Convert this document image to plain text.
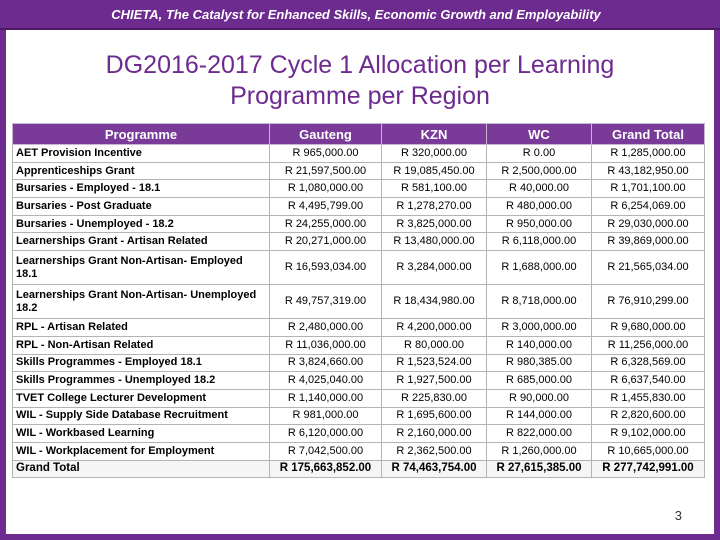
CHIETA, The Catalyst for Enhanced Skills, Economic Growth and Employability
DG2016-2017 Cycle 1 Allocation per Learning
Programme per Region
Programme	Gauteng	KZN	WC	Grand Total
AET Provision Incentive	R 965,000.00	R 320,000.00	R 0.00	R 1,285,000.00
Apprenticeships Grant	R 21,597,500.00	R 19,085,450.00	R 2,500,000.00	R 43,182,950.00
Bursaries - Employed - 18.1	R 1,080,000.00	R 581,100.00	R 40,000.00	R 1,701,100.00
Bursaries - Post Graduate	R 4,495,799.00	R 1,278,270.00	R 480,000.00	R 6,254,069.00
Bursaries - Unemployed - 18.2	R 24,255,000.00	R 3,825,000.00	R 950,000.00	R 29,030,000.00
Learnerships Grant - Artisan Related	R 20,271,000.00	R 13,480,000.00	R 6,118,000.00	R 39,869,000.00
Learnerships Grant Non-Artisan- Employed 18.1	R 16,593,034.00	R 3,284,000.00	R 1,688,000.00	R 21,565,034.00
Learnerships Grant Non-Artisan- Unemployed 18.2	R 49,757,319.00	R 18,434,980.00	R 8,718,000.00	R 76,910,299.00
RPL - Artisan Related	R 2,480,000.00	R 4,200,000.00	R 3,000,000.00	R 9,680,000.00
RPL - Non-Artisan Related	R 11,036,000.00	R 80,000.00	R 140,000.00	R 11,256,000.00
Skills Programmes - Employed 18.1	R 3,824,660.00	R 1,523,524.00	R 980,385.00	R 6,328,569.00
Skills Programmes - Unemployed 18.2	R 4,025,040.00	R 1,927,500.00	R 685,000.00	R 6,637,540.00
TVET College Lecturer Development	R 1,140,000.00	R 225,830.00	R 90,000.00	R 1,455,830.00
WIL - Supply Side Database Recruitment	R 981,000.00	R 1,695,600.00	R 144,000.00	R 2,820,600.00
WIL - Workbased Learning	R 6,120,000.00	R 2,160,000.00	R 822,000.00	R 9,102,000.00
WIL - Workplacement for Employment	R 7,042,500.00	R 2,362,500.00	R 1,260,000.00	R 10,665,000.00
Grand Total	R 175,663,852.00	R 74,463,754.00	R 27,615,385.00	R 277,742,991.00
3
